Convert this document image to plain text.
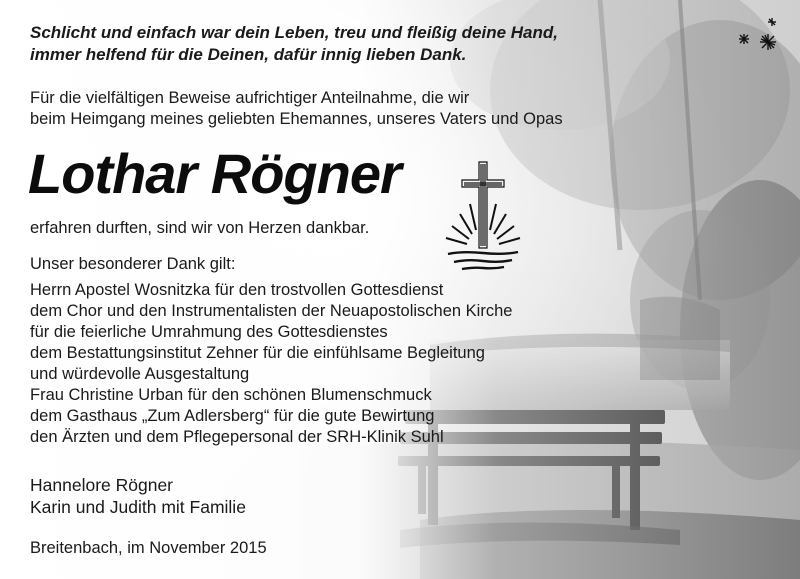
Schlicht und einfach war dein Leben, treu und fleißig deine Hand,
immer helfend für die Deinen, dafür innig lieben Dank.
Für die vielfältigen Beweise aufrichtiger Anteilnahme, die wir
beim Heimgang meines geliebten Ehemannes, unseres Vaters und Opas
Lothar Rögner
erfahren durften, sind wir von Herzen dankbar.
Unser besonderer Dank gilt:
Herrn Apostel Wosnitzka für den trostvollen Gottesdienst
dem Chor und den Instrumentalisten der Neuapostolischen Kirche
für die feierliche Umrahmung des Gottesdienstes
dem Bestattungsinstitut Zehner für die einfühlsame Begleitung
und würdevolle Ausgestaltung
Frau Christine Urban für den schönen Blumenschmuck
dem Gasthaus „Zum Adlersberg“ für die gute Bewirtung
den Ärzten und dem Pflegepersonal der SRH-Klinik Suhl
Hannelore Rögner
Karin und Judith mit Familie
Breitenbach, im November 2015
